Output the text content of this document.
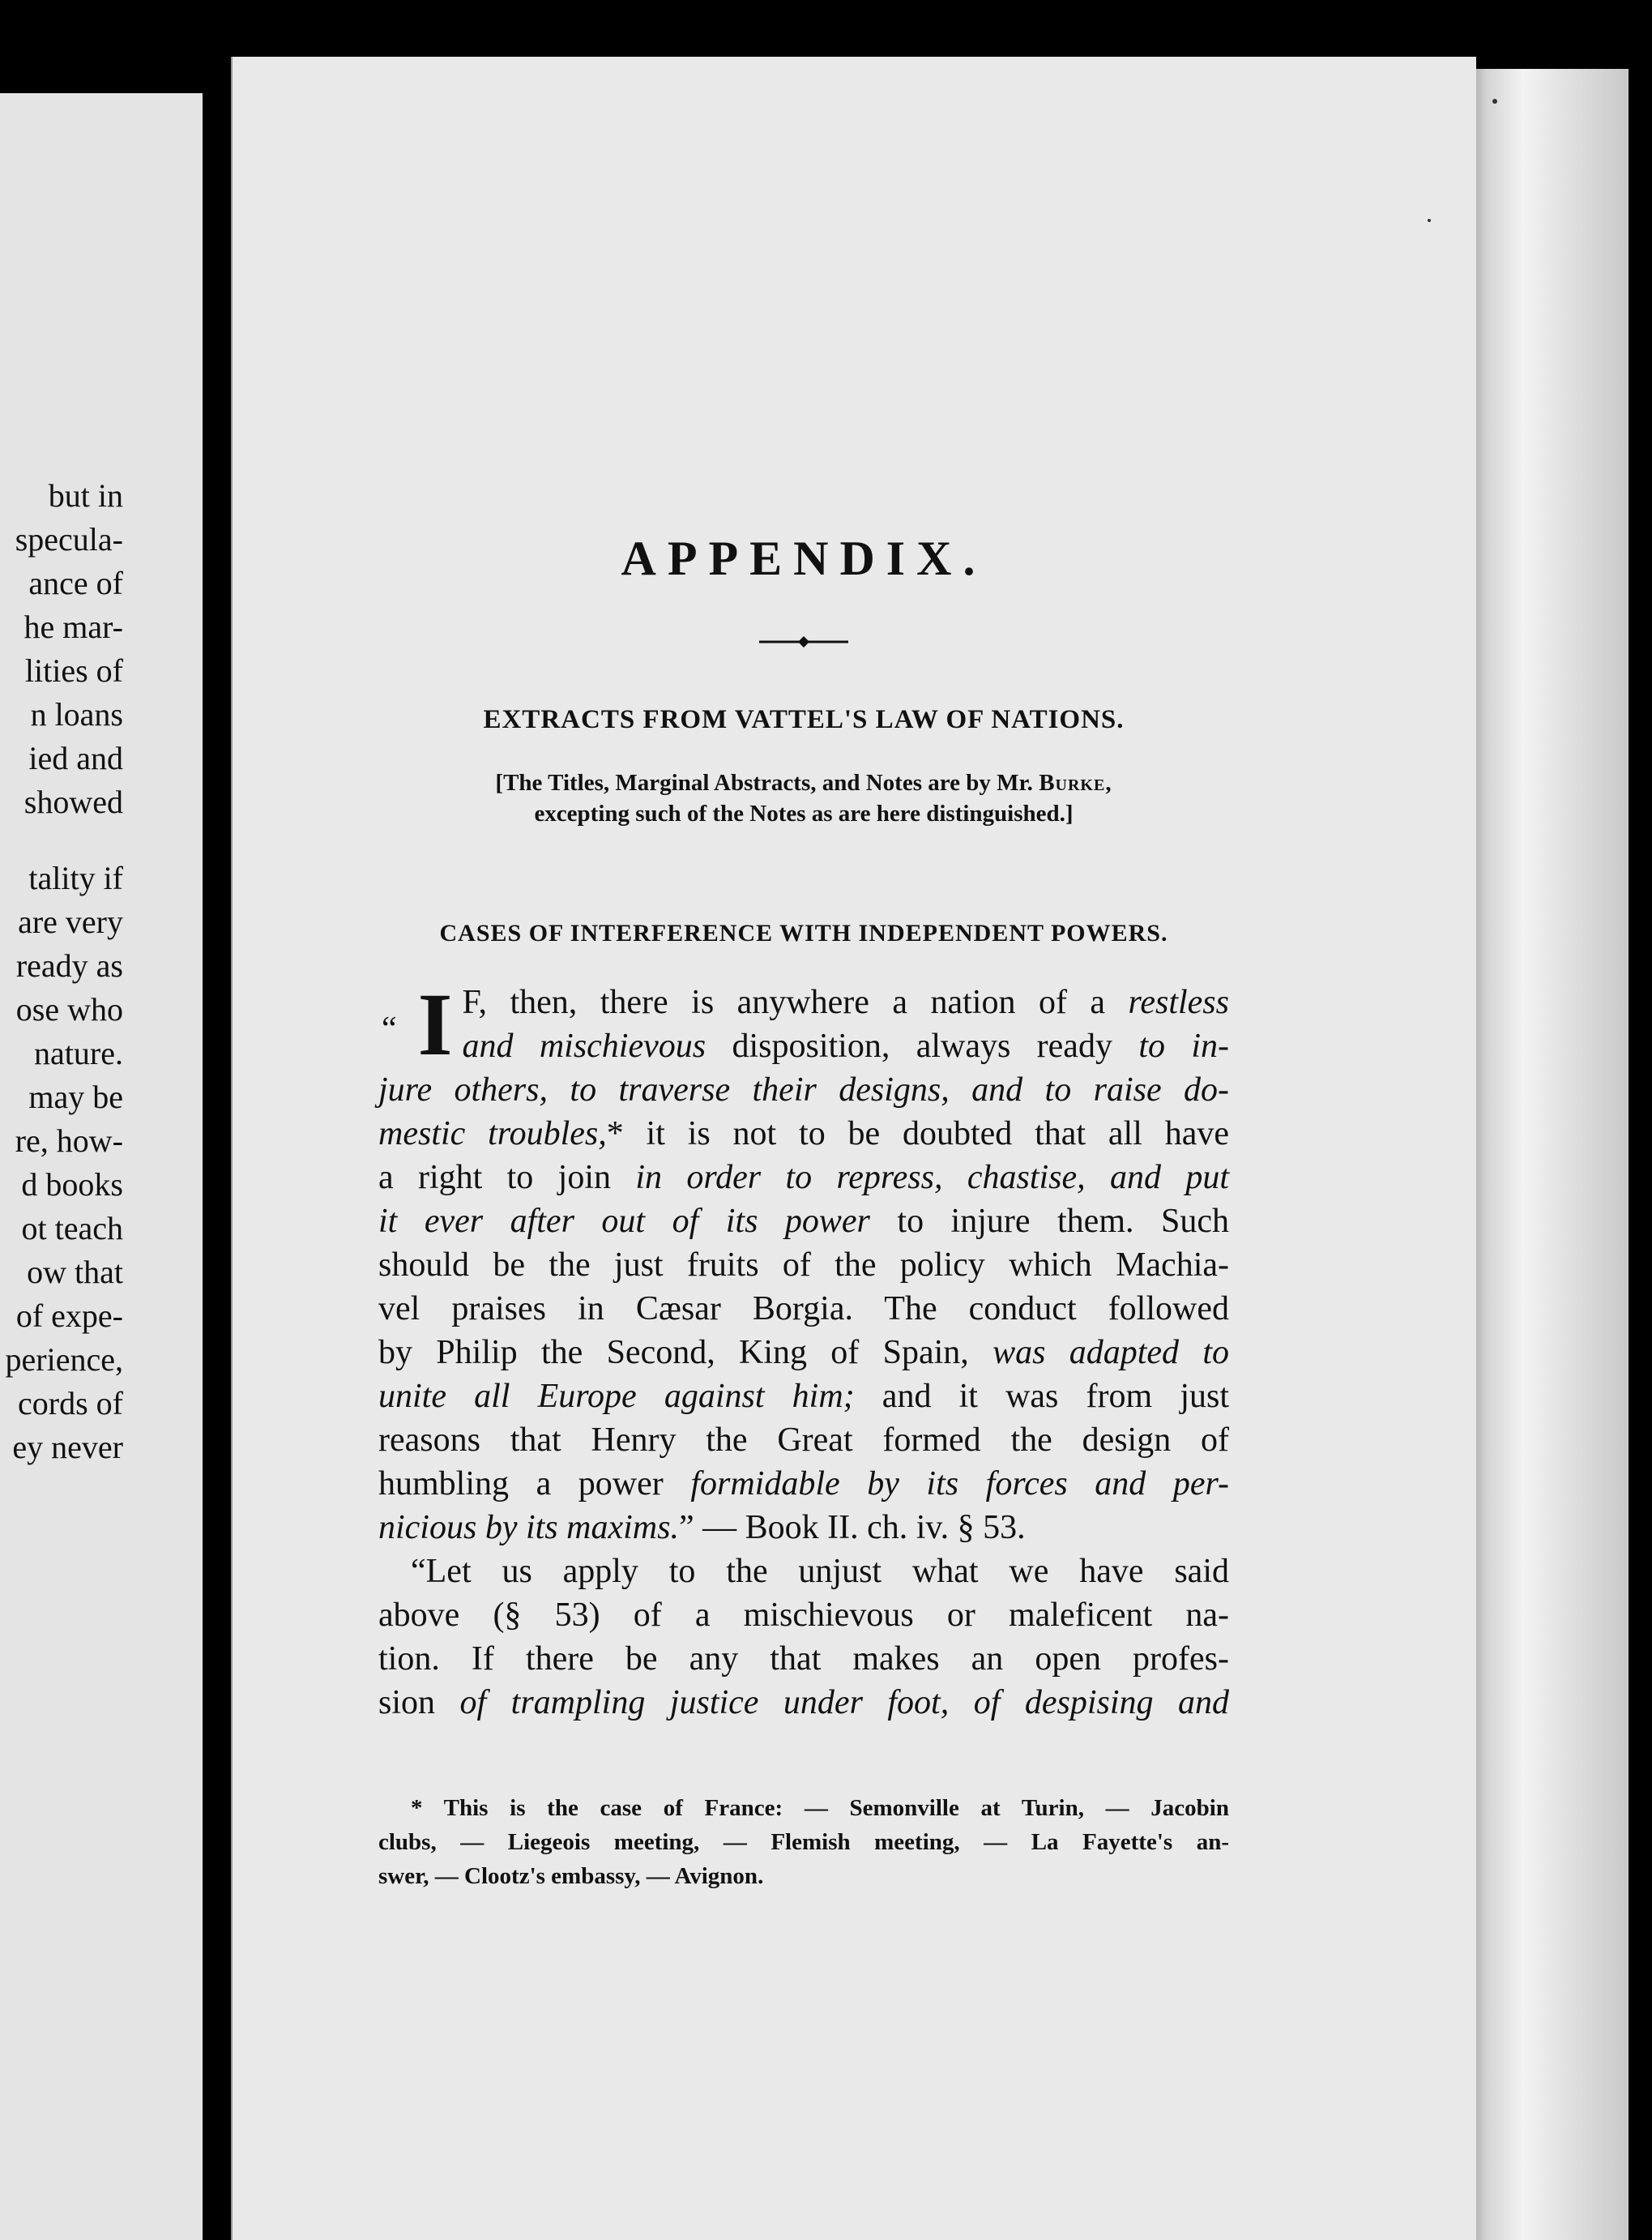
but in
specula-
ance of
he mar-
lities of
n loans
ied and
showed
tality if
are very
ready as
ose who
nature.
may be
re, how-
d books
ot teach
ow that
of expe-
perience,
cords of
ey never
APPENDIX.
EXTRACTS FROM VATTEL'S LAW OF NATIONS.
[The Titles, Marginal Abstracts, and Notes are by Mr. Burke,
excepting such of the Notes as are here distinguished.]
CASES OF INTERFERENCE WITH INDEPENDENT POWERS.
“ I F, then, there is anywhere a nation of a restless
and mischievous disposition, always ready to in-
jure others, to traverse their designs, and to raise do-
mestic troubles,* it is not to be doubted that all have
a right to join in order to repress, chastise, and put
it ever after out of its power to injure them. Such
should be the just fruits of the policy which Machia-
vel praises in Cæsar Borgia. The conduct followed
by Philip the Second, King of Spain, was adapted to
unite all Europe against him; and it was from just
reasons that Henry the Great formed the design of
humbling a power formidable by its forces and per-
nicious by its maxims.” — Book II. ch. iv. § 53.
“Let us apply to the unjust what we have said
above (§ 53) of a mischievous or maleficent na-
tion. If there be any that makes an open profes-
sion of trampling justice under foot, of despising and
* This is the case of France: — Semonville at Turin, — Jacobin
clubs, — Liegeois meeting, — Flemish meeting, — La Fayette's an-
swer, — Clootz's embassy, — Avignon.
